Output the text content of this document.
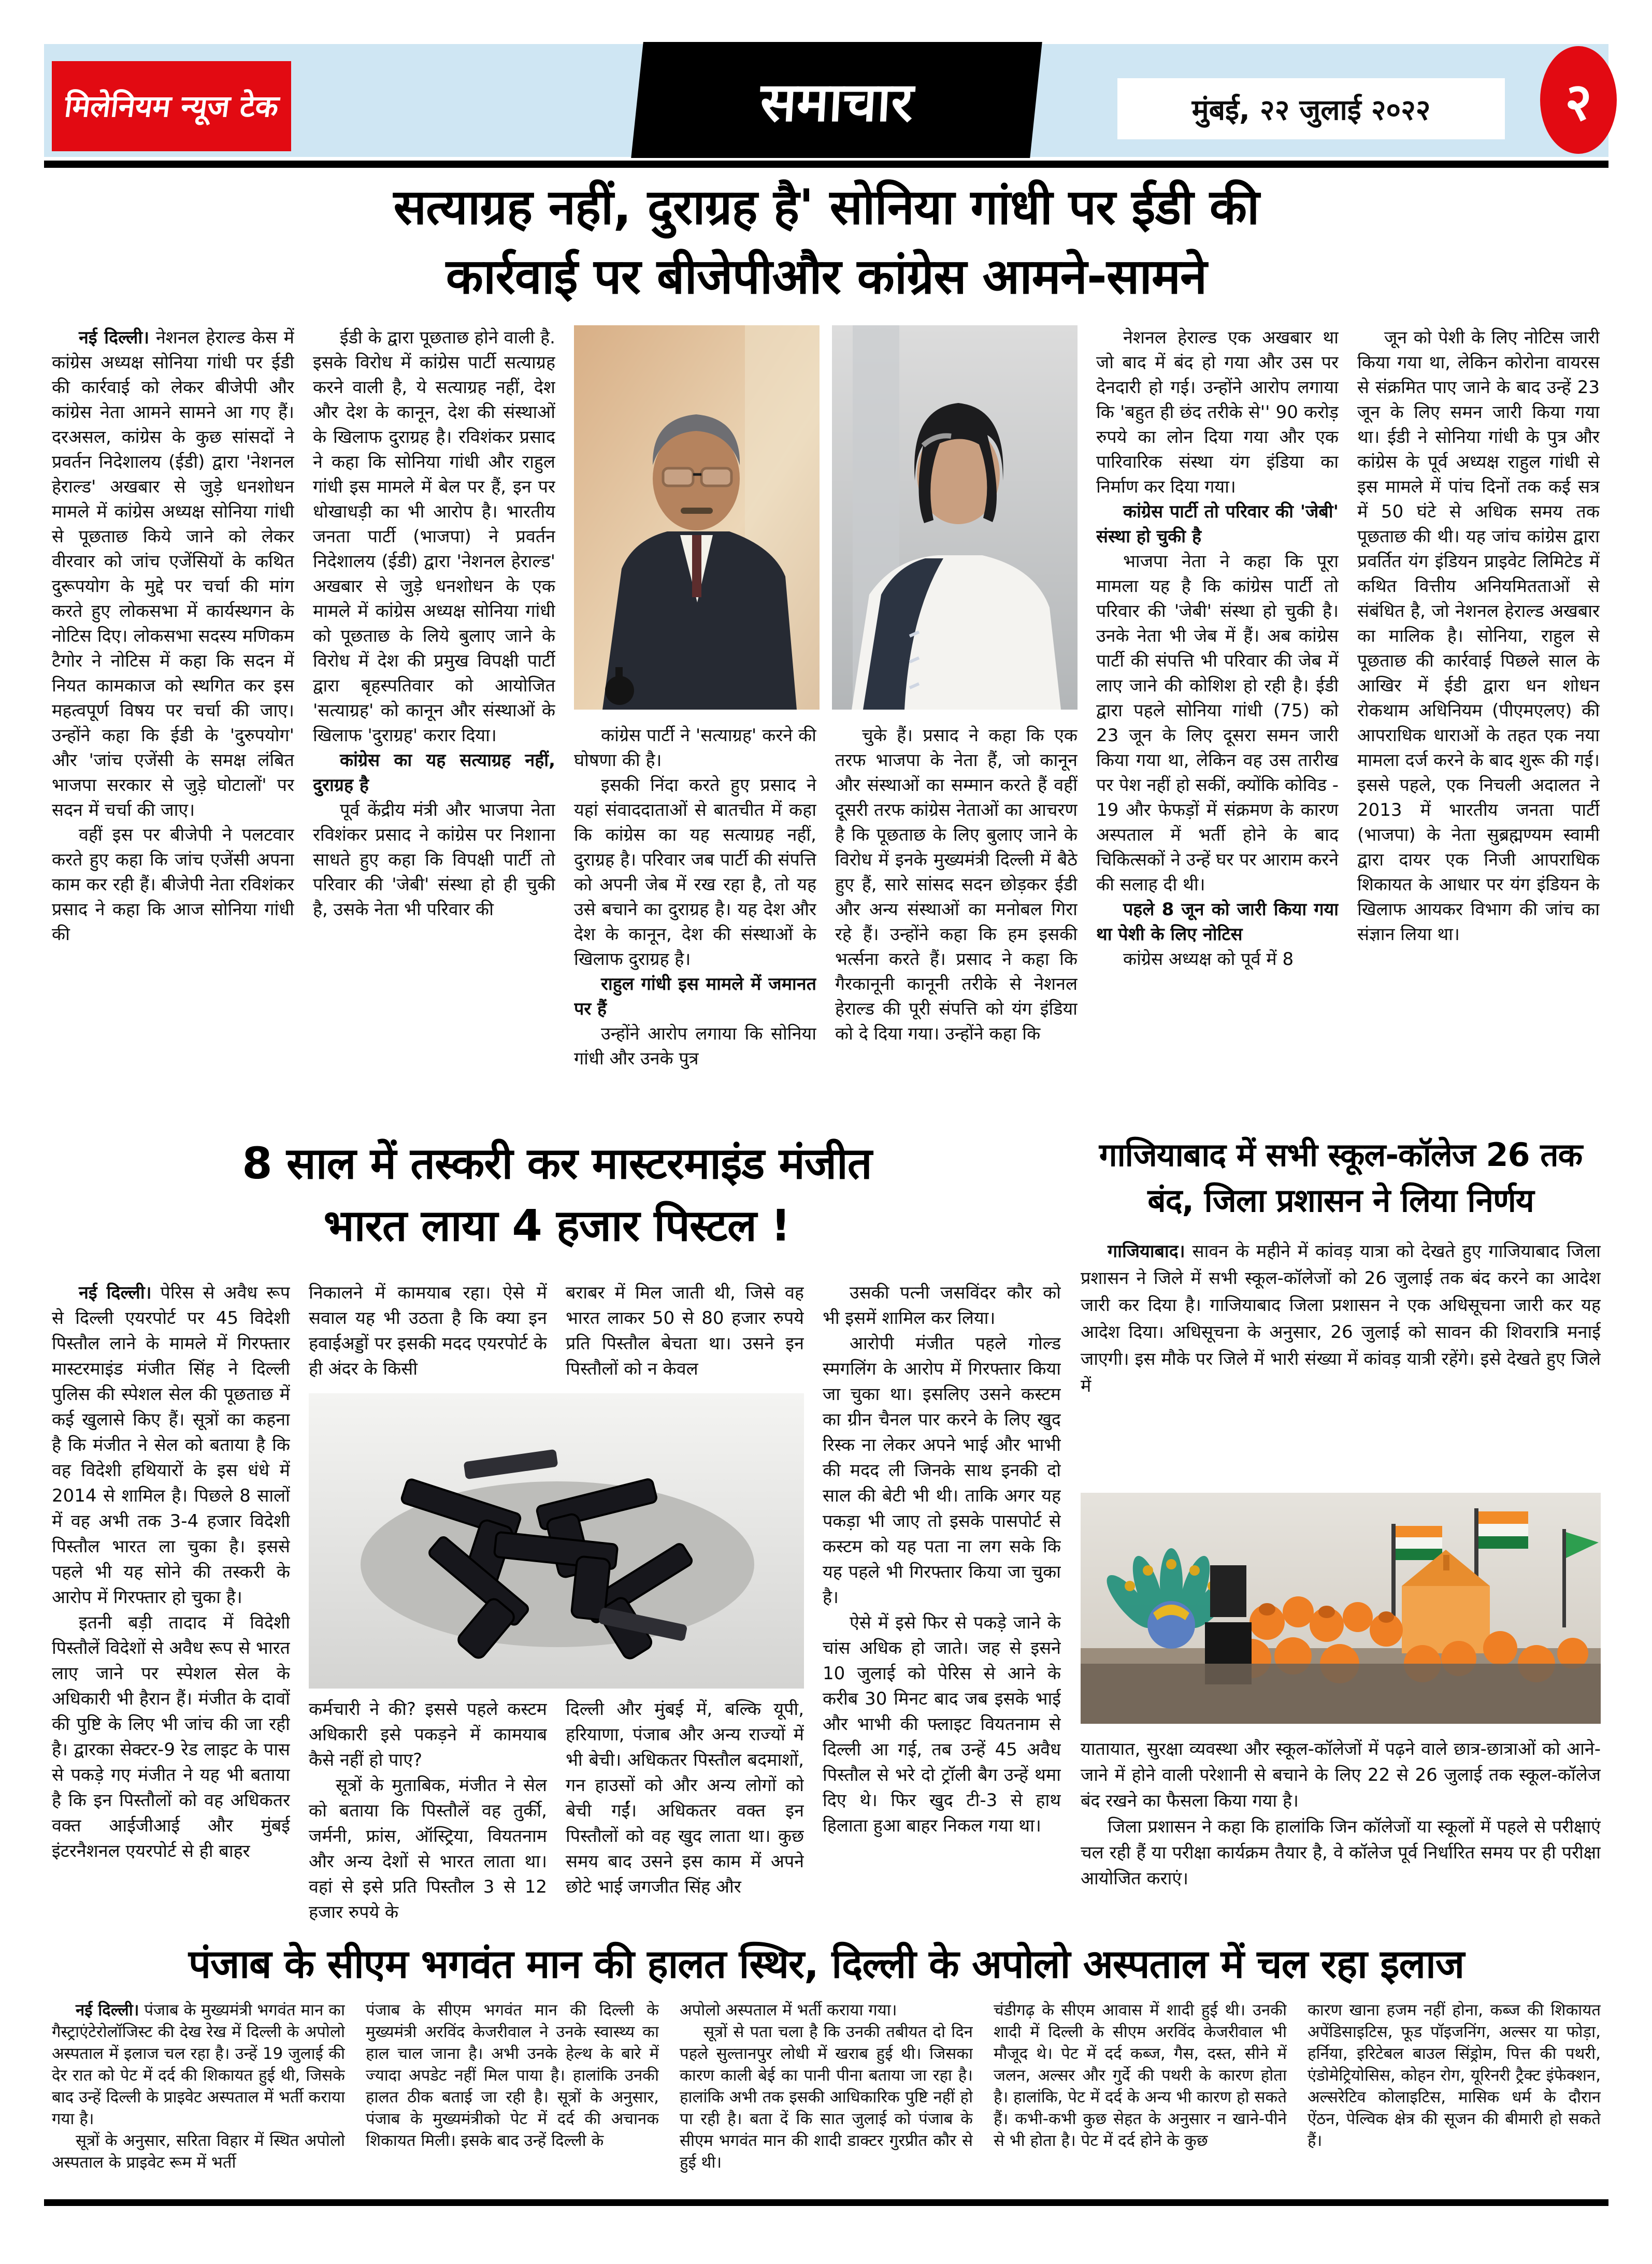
मिलेनियम न्यूज टेक	समाचार	मुंबई, २२ जुलाई २०२२	२
सत्याग्रह नहीं, दुराग्रह है' सोनिया गांधी पर ईडी की
कार्रवाई पर बीजेपीऔर कांग्रेस आमने-सामने

नई दिल्ली। नेशनल हेराल्ड केस में कांग्रेस अध्यक्ष सोनिया गांधी पर ईडी की कार्रवाई को लेकर बीजेपी और कांग्रेस नेता आमने सामने आ गए हैं। दरअसल, कांग्रेस के कुछ सांसदों ने प्रवर्तन निदेशालय (ईडी) द्वारा 'नेशनल हेराल्ड' अखबार से जुड़े धनशोधन मामले में कांग्रेस अध्यक्ष सोनिया गांधी से पूछताछ किये जाने को लेकर वीरवार को जांच एजेंसियों के कथित दुरूपयोग के मुद्दे पर चर्चा की मांग करते हुए लोकसभा में कार्यस्थगन के नोटिस दिए। लोकसभा सदस्य मणिकम टैगोर ने नोटिस में कहा कि सदन में नियत कामकाज को स्थगित कर इस महत्वपूर्ण विषय पर चर्चा की जाए। उन्होंने कहा कि ईडी के 'दुरुपयोग' और 'जांच एजेंसी के समक्ष लंबित भाजपा सरकार से जुड़े घोटालों' पर सदन में चर्चा की जाए।

वहीं इस पर बीजेपी ने पलटवार करते हुए कहा कि जांच एजेंसी अपना काम कर रही हैं। बीजेपी नेता रविशंकर प्रसाद ने कहा कि आज सोनिया गांधी की

ईडी के द्वारा पूछताछ होने वाली है. इसके विरोध में कांग्रेस पार्टी सत्याग्रह करने वाली है, ये सत्याग्रह नहीं, देश और देश के कानून, देश की संस्थाओं के खिलाफ दुराग्रह है। रविशंकर प्रसाद ने कहा कि सोनिया गांधी और राहुल गांधी इस मामले में बेल पर हैं, इन पर धोखाधड़ी का भी आरोप है। भारतीय जनता पार्टी (भाजपा) ने प्रवर्तन निदेशालय (ईडी) द्वारा 'नेशनल हेराल्ड' अखबार से जुड़े धनशोधन के एक मामले में कांग्रेस अध्यक्ष सोनिया गांधी को पूछताछ के लिये बुलाए जाने के विरोध में देश की प्रमुख विपक्षी पार्टी द्वारा बृहस्पतिवार को आयोजित 'सत्याग्रह' को कानून और संस्थाओं के खिलाफ 'दुराग्रह' करार दिया।

कांग्रेस का यह सत्याग्रह नहीं, दुराग्रह है

पूर्व केंद्रीय मंत्री और भाजपा नेता रविशंकर प्रसाद ने कांग्रेस पर निशाना साधते हुए कहा कि विपक्षी पार्टी तो परिवार की 'जेबी' संस्था हो ही चुकी है, उसके नेता भी परिवार की

कांग्रेस पार्टी ने 'सत्याग्रह' करने की घोषणा की है।

इसकी निंदा करते हुए प्रसाद ने यहां संवाददाताओं से बातचीत में कहा कि कांग्रेस का यह सत्याग्रह नहीं, दुराग्रह है। परिवार जब पार्टी की संपत्ति को अपनी जेब में रख रहा है, तो यह उसे बचाने का दुराग्रह है। यह देश और देश के कानून, देश की संस्थाओं के खिलाफ दुराग्रह है।

राहुल गांधी इस मामले में जमानत पर हैं

उन्होंने आरोप लगाया कि सोनिया गांधी और उनके पुत्र

चुके हैं। प्रसाद ने कहा कि एक तरफ भाजपा के नेता हैं, जो कानून और संस्थाओं का सम्मान करते हैं वहीं दूसरी तरफ कांग्रेस नेताओं का आचरण है कि पूछताछ के लिए बुलाए जाने के विरोध में इनके मुख्यमंत्री दिल्ली में बैठे हुए हैं, सारे सांसद सदन छोड़कर ईडी और अन्य संस्थाओं का मनोबल गिरा रहे हैं। उन्होंने कहा कि हम इसकी भर्त्सना करते हैं। प्रसाद ने कहा कि गैरकानूनी कानूनी तरीके से नेशनल हेराल्ड की पूरी संपत्ति को यंग इंडिया को दे दिया गया। उन्होंने कहा कि

नेशनल हेराल्ड एक अखबार था जो बाद में बंद हो गया और उस पर देनदारी हो गई। उन्होंने आरोप लगाया कि 'बहुत ही छंद तरीके से'' 90 करोड़ रुपये का लोन दिया गया और एक पारिवारिक संस्था यंग इंडिया का निर्माण कर दिया गया।

कांग्रेस पार्टी तो परिवार की 'जेबी' संस्था हो चुकी है

भाजपा नेता ने कहा कि पूरा मामला यह है कि कांग्रेस पार्टी तो परिवार की 'जेबी' संस्था हो चुकी है। उनके नेता भी जेब में हैं। अब कांग्रेस पार्टी की संपत्ति भी परिवार की जेब में लाए जाने की कोशिश हो रही है। ईडी द्वारा पहले सोनिया गांधी (75) को 23 जून के लिए दूसरा समन जारी किया गया था, लेकिन वह उस तारीख पर पेश नहीं हो सकीं, क्योंकि कोविड - 19 और फेफड़ों में संक्रमण के कारण अस्पताल में भर्ती होने के बाद चिकित्सकों ने उन्हें घर पर आराम करने की सलाह दी थी।

पहले 8 जून को जारी किया गया था पेशी के लिए नोटिस

कांग्रेस अध्यक्ष को पूर्व में 8

जून को पेशी के लिए नोटिस जारी किया गया था, लेकिन कोरोना वायरस से संक्रमित पाए जाने के बाद उन्हें 23 जून के लिए समन जारी किया गया था। ईडी ने सोनिया गांधी के पुत्र और कांग्रेस के पूर्व अध्यक्ष राहुल गांधी से इस मामले में पांच दिनों तक कई सत्र में 50 घंटे से अधिक समय तक पूछताछ की थी। यह जांच कांग्रेस द्वारा प्रवर्तित यंग इंडियन प्राइवेट लिमिटेड में कथित वित्तीय अनियमितताओं से संबंधित है, जो नेशनल हेराल्ड अखबार का मालिक है। सोनिया, राहुल से पूछताछ की कार्रवाई पिछले साल के आखिर में ईडी द्वारा धन शोधन रोकथाम अधिनियम (पीएमएलए) की आपराधिक धाराओं के तहत एक नया मामला दर्ज करने के बाद शुरू की गई। इससे पहले, एक निचली अदालत ने 2013 में भारतीय जनता पार्टी (भाजपा) के नेता सुब्रह्मण्यम स्वामी द्वारा दायर एक निजी आपराधिक शिकायत के आधार पर यंग इंडियन के खिलाफ आयकर विभाग की जांच का संज्ञान लिया था।

8 साल में तस्करी कर मास्टरमाइंड मंजीत
भारत लाया 4 हजार पिस्टल !

नई दिल्ली। पेरिस से अवैध रूप से दिल्ली एयरपोर्ट पर 45 विदेशी पिस्तौल लाने के मामले में गिरफ्तार मास्टरमाइंड मंजीत सिंह ने दिल्ली पुलिस की स्पेशल सेल की पूछताछ में कई खुलासे किए हैं। सूत्रों का कहना है कि मंजीत ने सेल को बताया है कि वह विदेशी हथियारों के इस धंधे में 2014 से शामिल है। पिछले 8 सालों में वह अभी तक 3-4 हजार विदेशी पिस्तौल भारत ला चुका है। इससे पहले भी यह सोने की तस्करी के आरोप में गिरफ्तार हो चुका है।

इतनी बड़ी तादाद में विदेशी पिस्तौलें विदेशों से अवैध रूप से भारत लाए जाने पर स्पेशल सेल के अधिकारी भी हैरान हैं। मंजीत के दावों की पुष्टि के लिए भी जांच की जा रही है। द्वारका सेक्टर-9 रेड लाइट के पास से पकड़े गए मंजीत ने यह भी बताया है कि इन पिस्तौलों को वह अधिकतर वक्त आईजीआई और मुंबई इंटरनैशनल एयरपोर्ट से ही बाहर

निकालने में कामयाब रहा। ऐसे में सवाल यह भी उठता है कि क्या इन हवाईअड्डों पर इसकी मदद एयरपोर्ट के ही अंदर के किसी

बराबर में मिल जाती थी, जिसे वह भारत लाकर 50 से 80 हजार रुपये प्रति पिस्तौल बेचता था। उसने इन पिस्तौलों को न केवल

कर्मचारी ने की? इससे पहले कस्टम अधिकारी इसे पकड़ने में कामयाब कैसे नहीं हो पाए?

सूत्रों के मुताबिक, मंजीत ने सेल को बताया कि पिस्तौलें वह तुर्की, जर्मनी, फ्रांस, ऑस्ट्रिया, वियतनाम और अन्य देशों से भारत लाता था। वहां से इसे प्रति पिस्तौल 3 से 12 हजार रुपये के

दिल्ली और मुंबई में, बल्कि यूपी, हरियाणा, पंजाब और अन्य राज्यों में भी बेची। अधिकतर पिस्तौल बदमाशों, गन हाउसों को और अन्य लोगों को बेची गईं। अधिकतर वक्त इन पिस्तौलों को वह खुद लाता था। कुछ समय बाद उसने इस काम में अपने छोटे भाई जगजीत सिंह और

उसकी पत्नी जसविंदर कौर को भी इसमें शामिल कर लिया।

आरोपी मंजीत पहले गोल्ड स्मगलिंग के आरोप में गिरफ्तार किया जा चुका था। इसलिए उसने कस्टम का ग्रीन चैनल पार करने के लिए खुद रिस्क ना लेकर अपने भाई और भाभी की मदद ली जिनके साथ इनकी दो साल की बेटी भी थी। ताकि अगर यह पकड़ा भी जाए तो इसके पासपोर्ट से कस्टम को यह पता ना लग सके कि यह पहले भी गिरफ्तार किया जा चुका है।

ऐसे में इसे फिर से पकड़े जाने के चांस अधिक हो जाते। जह से इसने 10 जुलाई को पेरिस से आने के करीब 30 मिनट बाद जब इसके भाई और भाभी की फ्लाइट वियतनाम से दिल्ली आ गई, तब उन्हें 45 अवैध पिस्तौल से भरे दो ट्रॉली बैग उन्हें थमा दिए थे। फिर खुद टी-3 से हाथ हिलाता हुआ बाहर निकल गया था।

गाजियाबाद में सभी स्कूल-कॉलेज 26 तक
बंद, जिला प्रशासन ने लिया निर्णय

गाजियाबाद। सावन के महीने में कांवड़ यात्रा को देखते हुए गाजियाबाद जिला प्रशासन ने जिले में सभी स्कूल-कॉलेजों को 26 जुलाई तक बंद करने का आदेश जारी कर दिया है। गाजियाबाद जिला प्रशासन ने एक अधिसूचना जारी कर यह आदेश दिया। अधिसूचना के अनुसार, 26 जुलाई को सावन की शिवरात्रि मनाई जाएगी। इस मौके पर जिले में भारी संख्या में कांवड़ यात्री रहेंगे। इसे देखते हुए जिले में

यातायात, सुरक्षा व्यवस्था और स्कूल-कॉलेजों में पढ़ने वाले छात्र-छात्राओं को आने-जाने में होने वाली परेशानी से बचाने के लिए 22 से 26 जुलाई तक स्कूल-कॉलेज बंद रखने का फैसला किया गया है।

जिला प्रशासन ने कहा कि हालांकि जिन कॉलेजों या स्कूलों में पहले से परीक्षाएं चल रही हैं या परीक्षा कार्यक्रम तैयार है, वे कॉलेज पूर्व निर्धारित समय पर ही परीक्षा आयोजित कराएं।

पंजाब के सीएम भगवंत मान की हालत स्थिर, दिल्ली के अपोलो अस्पताल में चल रहा इलाज

नई दिल्ली। पंजाब के मुख्यमंत्री भगवंत मान का गैस्ट्राएंटेरोलॉजिस्ट की देख रेख में दिल्ली के अपोलो अस्पताल में इलाज चल रहा है। उन्हें 19 जुलाई की देर रात को पेट में दर्द की शिकायत हुई थी, जिसके बाद उन्हें दिल्ली के प्राइवेट अस्पताल में भर्ती कराया गया है।

सूत्रों के अनुसार, सरिता विहार में स्थित अपोलो अस्पताल के प्राइवेट रूम में भर्ती

पंजाब के सीएम भगवंत मान की दिल्ली के मुख्यमंत्री अरविंद केजरीवाल ने उनके स्वास्थ्य का हाल चाल जाना है। अभी उनके हेल्थ के बारे में ज्यादा अपडेट नहीं मिल पाया है। हालांकि उनकी हालत ठीक बताई जा रही है। सूत्रों के अनुसार, पंजाब के मुख्यमंत्रीको पेट में दर्द की अचानक शिकायत मिली। इसके बाद उन्हें दिल्ली के

अपोलो अस्पताल में भर्ती कराया गया।

सूत्रों से पता चला है कि उनकी तबीयत दो दिन पहले सुल्तानपुर लोधी में खराब हुई थी। जिसका कारण काली बेई का पानी पीना बताया जा रहा है। हालांकि अभी तक इसकी आधिकारिक पुष्टि नहीं हो पा रही है। बता दें कि सात जुलाई को पंजाब के सीएम भगवंत मान की शादी डाक्टर गुरप्रीत कौर से हुई थी।

चंडीगढ़ के सीएम आवास में शादी हुई थी। उनकी शादी में दिल्ली के सीएम अरविंद केजरीवाल भी मौजूद थे। पेट में दर्द कब्ज, गैस, दस्त, सीने में जलन, अल्सर और गुर्दे की पथरी के कारण होता है। हालांकि, पेट में दर्द के अन्य भी कारण हो सकते हैं। कभी-कभी कुछ सेहत के अनुसार न खाने-पीने से भी होता है। पेट में दर्द होने के कुछ

कारण खाना हजम नहीं होना, कब्ज की शिकायत अपेंडिसाइटिस, फूड पॉइजनिंग, अल्सर या फोड़ा, हर्निया, इरिटेबल बाउल सिंड्रोम, पित्त की पथरी, एंडोमेट्रियोसिस, कोहन रोग, यूरिनरी ट्रैक्ट इंफेक्शन, अल्सरेटिव कोलाइटिस, मासिक धर्म के दौरान ऐंठन, पेल्विक क्षेत्र की सूजन की बीमारी हो सकते हैं।
